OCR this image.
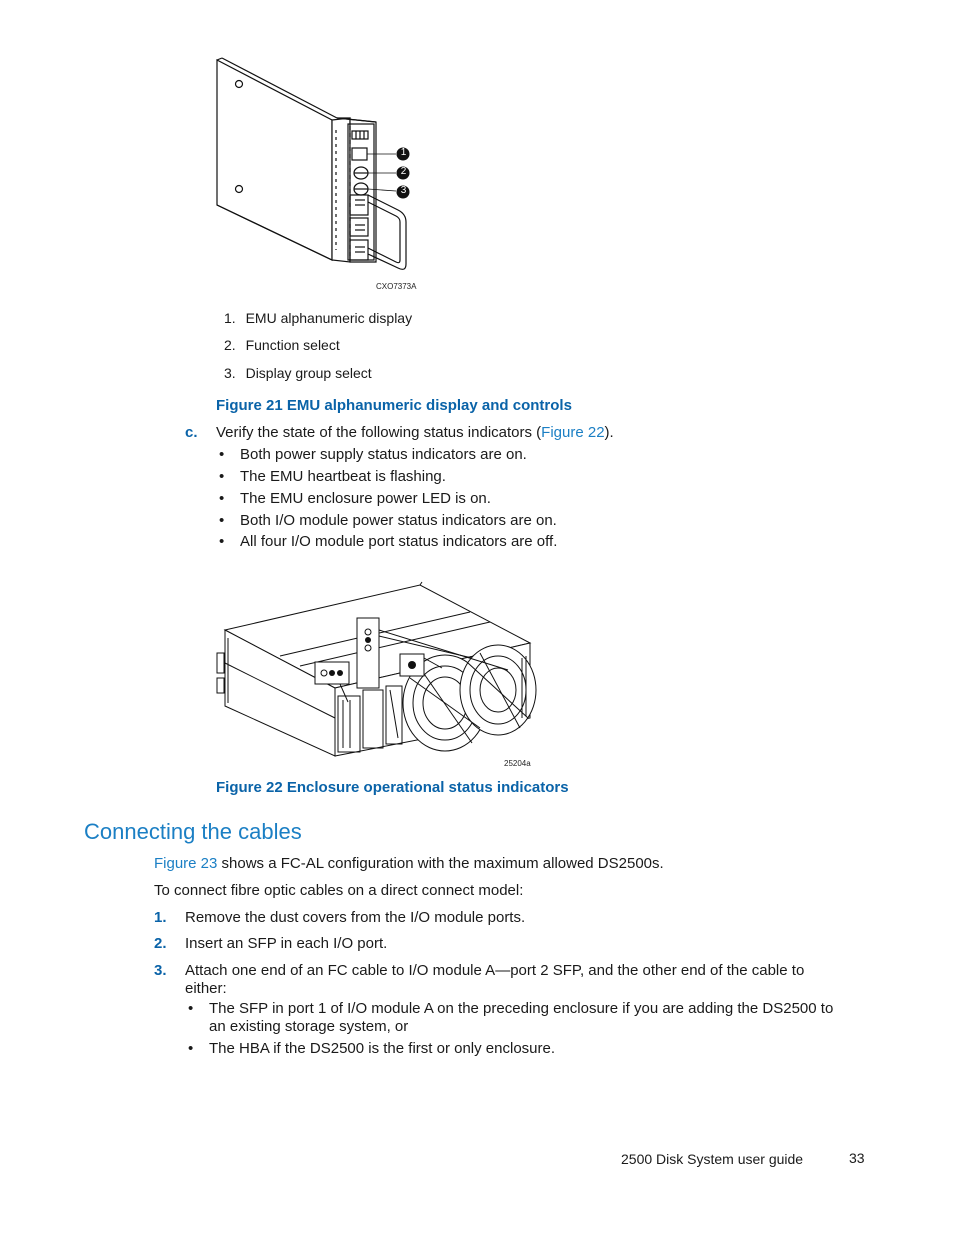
1
2
3
CXO7373A
1. EMU alphanumeric display
2. Function select
3. Display group select
Figure 21 EMU alphanumeric display and controls
c. Verify the state of the following status indicators (Figure 22).
• Both power supply status indicators are on.
• The EMU heartbeat is flashing.
• The EMU enclosure power LED is on.
• Both I/O module power status indicators are on.
• All four I/O module port status indicators are off.
25204a
Figure 22 Enclosure operational status indicators
Connecting the cables
Figure 23 shows a FC-AL configuration with the maximum allowed DS2500s.
To connect fibre optic cables on a direct connect model:
1. Remove the dust covers from the I/O module ports.
2. Insert an SFP in each I/O port.
3. Attach one end of an FC cable to I/O module A—port 2 SFP, and the other end of the cable to
either:
• The SFP in port 1 of I/O module A on the preceding enclosure if you are adding the DS2500 to
an existing storage system, or
• The HBA if the DS2500 is the first or only enclosure.
2500 Disk System user guide	33
